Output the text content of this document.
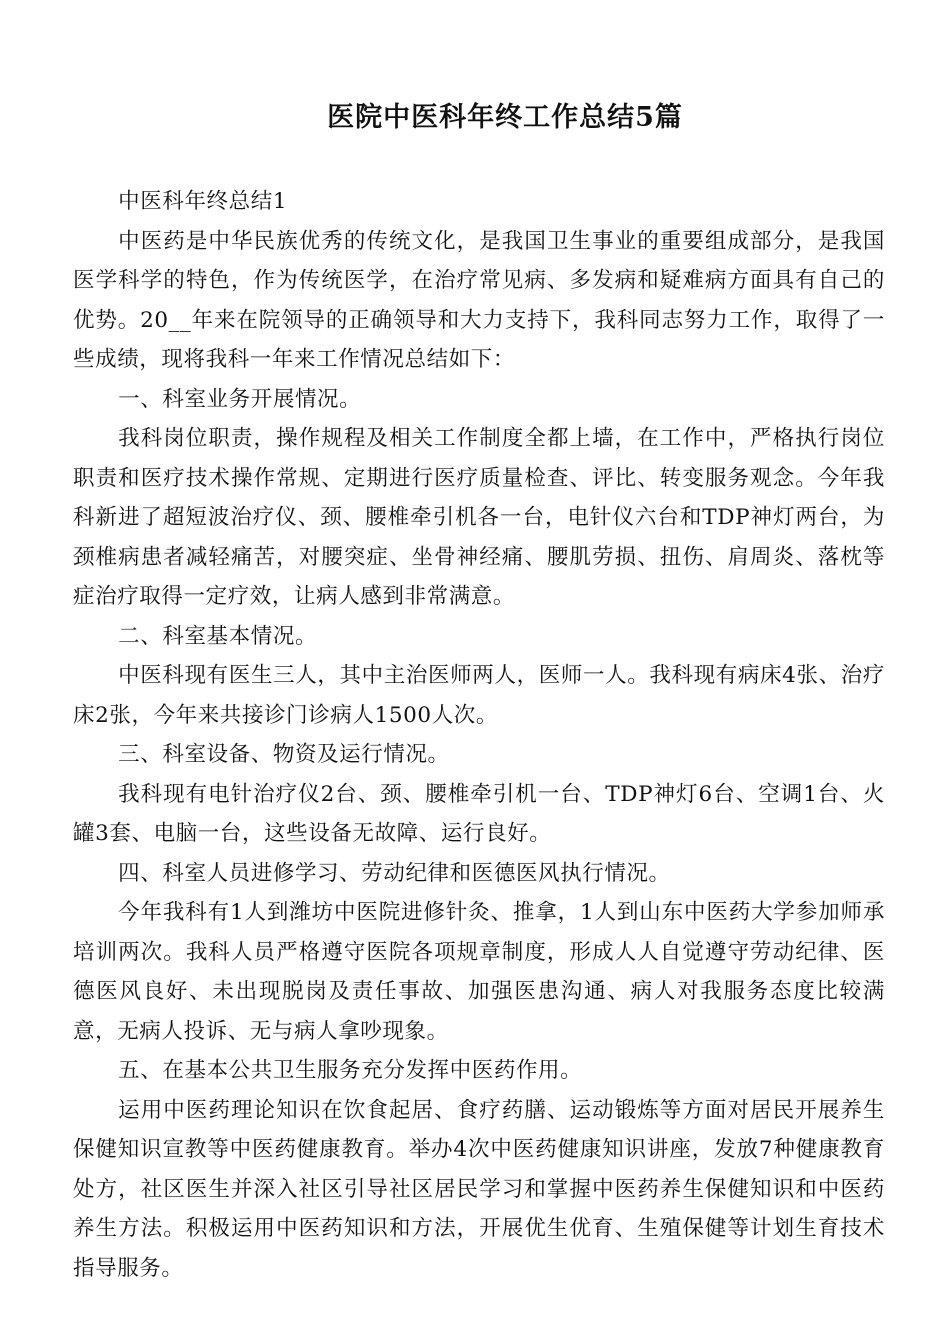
医院中医科年终工作总结5篇

中医科年终总结1

中医药是中华民族优秀的传统文化，是我国卫生事业的重要组成部分，是我国医学科学的特色，作为传统医学，在治疗常见病、多发病和疑难病方面具有自己的优势。20__年来在院领导的正确领导和大力支持下，我科同志努力工作，取得了一些成绩，现将我科一年来工作情况总结如下：

一、科室业务开展情况。

我科岗位职责，操作规程及相关工作制度全都上墙，在工作中，严格执行岗位职责和医疗技术操作常规、定期进行医疗质量检查、评比、转变服务观念。今年我科新进了超短波治疗仪、颈、腰椎牵引机各一台，电针仪六台和TDP神灯两台，为颈椎病患者减轻痛苦，对腰突症、坐骨神经痛、腰肌劳损、扭伤、肩周炎、落枕等症治疗取得一定疗效，让病人感到非常满意。

二、科室基本情况。

中医科现有医生三人，其中主治医师两人，医师一人。我科现有病床4张、治疗床2张，今年来共接诊门诊病人1500人次。

三、科室设备、物资及运行情况。

我科现有电针治疗仪2台、颈、腰椎牵引机一台、TDP神灯6台、空调1台、火罐3套、电脑一台，这些设备无故障、运行良好。

四、科室人员进修学习、劳动纪律和医德医风执行情况。

今年我科有1人到潍坊中医院进修针灸、推拿，1人到山东中医药大学参加师承培训两次。我科人员严格遵守医院各项规章制度，形成人人自觉遵守劳动纪律、医德医风良好、未出现脱岗及责任事故、加强医患沟通、病人对我服务态度比较满意，无病人投诉、无与病人拿吵现象。

五、在基本公共卫生服务充分发挥中医药作用。

运用中医药理论知识在饮食起居、食疗药膳、运动锻炼等方面对居民开展养生保健知识宣教等中医药健康教育。举办4次中医药健康知识讲座，发放7种健康教育处方，社区医生并深入社区引导社区居民学习和掌握中医药养生保健知识和中医药养生方法。积极运用中医药知识和方法，开展优生优育、生殖保健等计划生育技术指导服务。
